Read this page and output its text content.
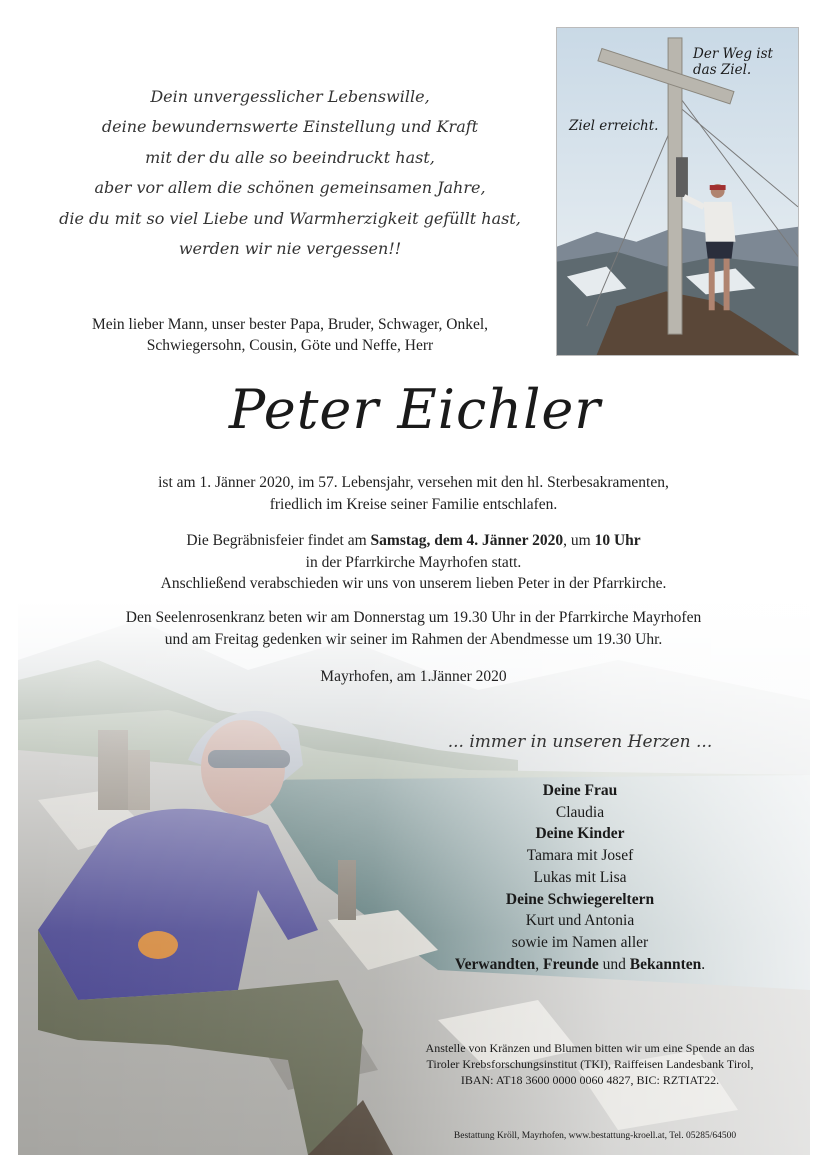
Dein unvergesslicher Lebenswille,
deine bewundernswerte Einstellung und Kraft
mit der du alle so beeindruckt hast,
aber vor allem die schönen gemeinsamen Jahre,
die du mit so viel Liebe und Warmherzigkeit gefüllt hast,
werden wir nie vergessen!!
Mein lieber Mann, unser bester Papa, Bruder, Schwager, Onkel,
Schwiegersohn, Cousin, Göte und Neffe, Herr
Der Weg ist das Ziel.
Ziel erreicht.
Peter Eichler
ist am 1. Jänner 2020, im 57. Lebensjahr, versehen mit den hl. Sterbesakramenten,
friedlich im Kreise seiner Familie entschlafen.
Die Begräbnisfeier findet am Samstag, dem 4. Jänner 2020, um 10 Uhr
in der Pfarrkirche Mayrhofen statt.
Anschließend verabschieden wir uns von unserem lieben Peter in der Pfarrkirche.
Den Seelenrosenkranz beten wir am Donnerstag um 19.30 Uhr in der Pfarrkirche Mayrhofen
und am Freitag gedenken wir seiner im Rahmen der Abendmesse um 19.30 Uhr.
Mayrhofen, am 1.Jänner 2020
... immer in unseren Herzen ...
Deine Frau
Claudia
Deine Kinder
Tamara mit Josef
Lukas mit Lisa
Deine Schwiegereltern
Kurt und Antonia
sowie im Namen aller
Verwandten, Freunde und Bekannten.
Anstelle von Kränzen und Blumen bitten wir um eine Spende an das
Tiroler Krebsforschungsinstitut (TKI), Raiffeisen Landesbank Tirol,
IBAN: AT18 3600 0000 0060 4827, BIC: RZTIAT22.
Bestattung Kröll, Mayrhofen, www.bestattung-kroell.at, Tel. 05285/64500
